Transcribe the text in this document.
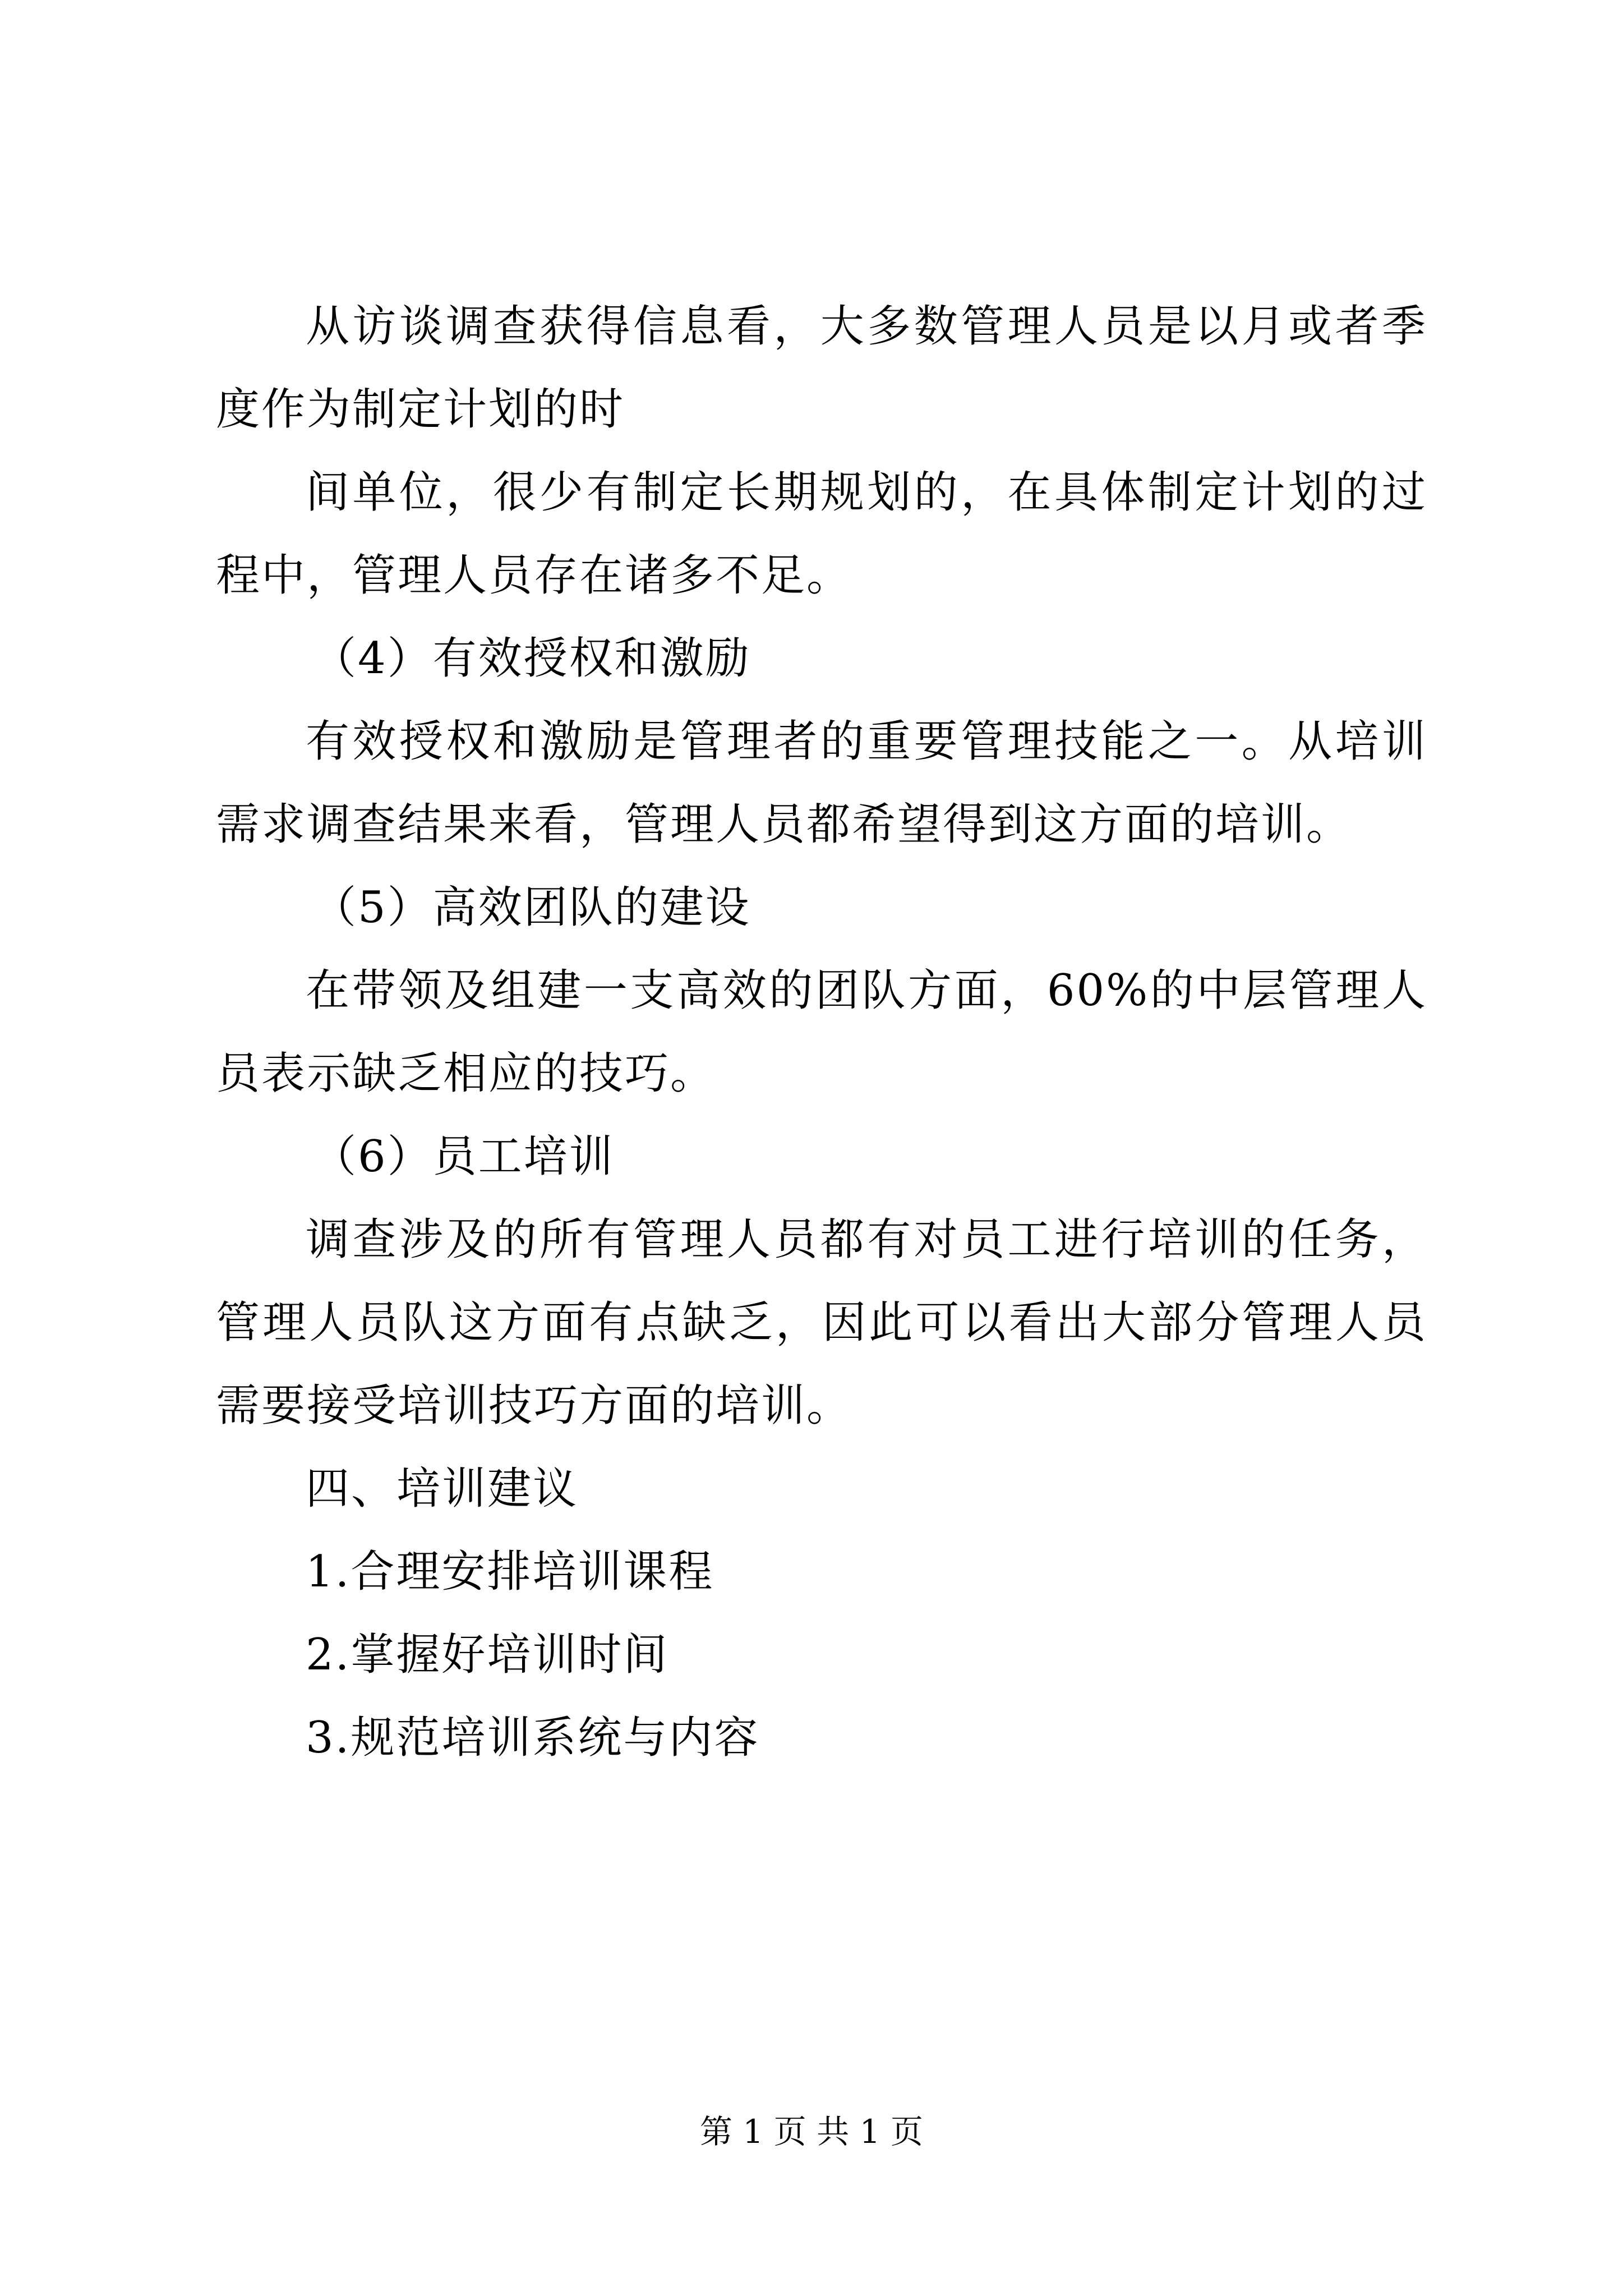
从访谈调查获得信息看，大多数管理人员是以月或者季度作为制定计划的时

间单位，很少有制定长期规划的，在具体制定计划的过程中，管理人员存在诸多不足。

（4）有效授权和激励

有效授权和激励是管理者的重要管理技能之一。从培训需求调查结果来看，管理人员都希望得到这方面的培训。

（5）高效团队的建设

在带领及组建一支高效的团队方面，60%的中层管理人员表示缺乏相应的技巧。

（6）员工培训

调查涉及的所有管理人员都有对员工进行培训的任务，管理人员队这方面有点缺乏，因此可以看出大部分管理人员需要接受培训技巧方面的培训。

四、培训建议

1.合理安排培训课程

2.掌握好培训时间

3.规范培训系统与内容

第 1 页 共 1 页
